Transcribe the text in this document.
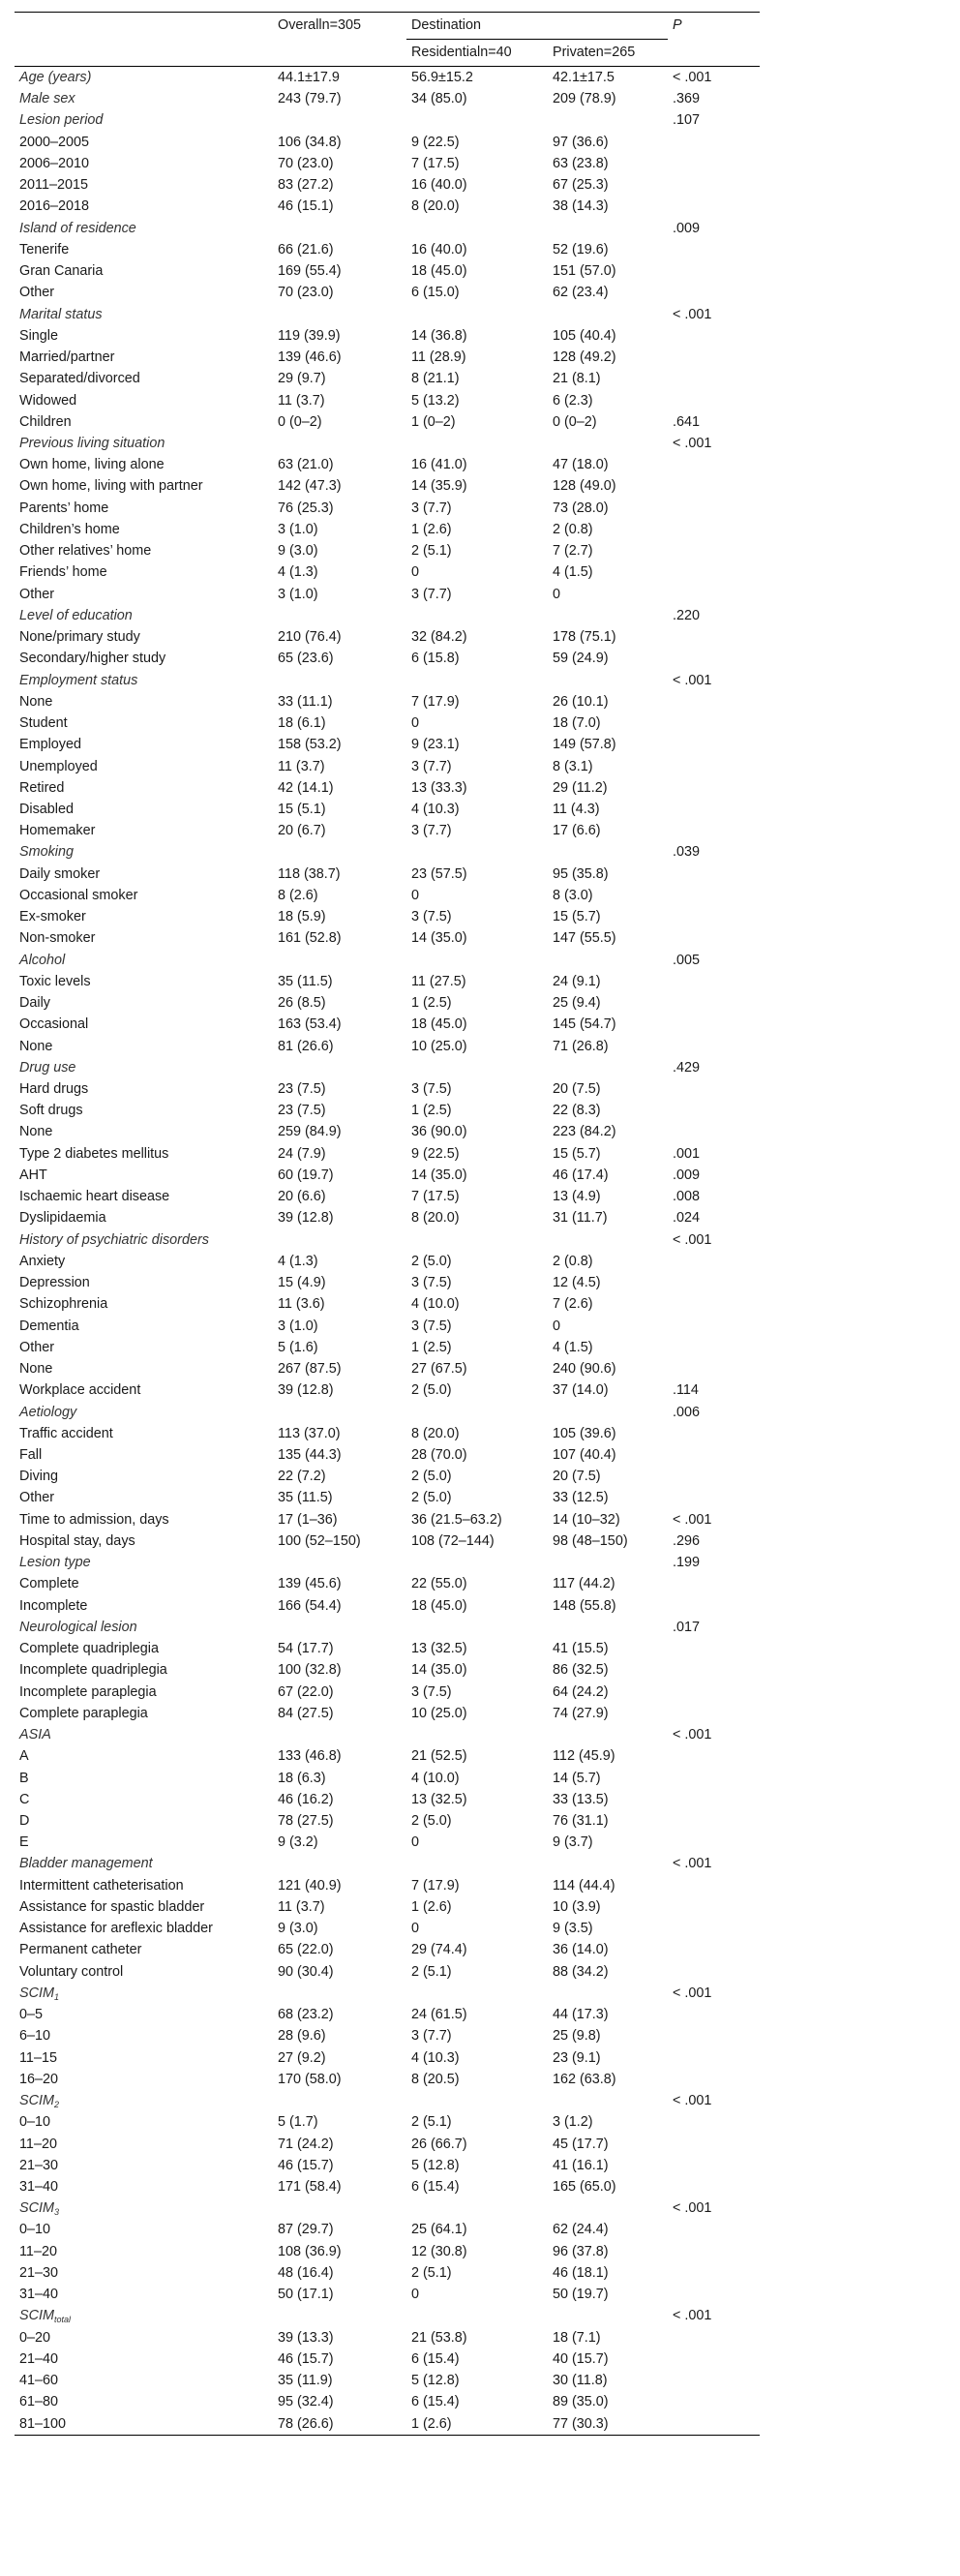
	Overalln=305	Destination		P
		Residentialn=40	Privaten=265	
Age (years)	44.1±17.9	56.9±15.2	42.1±17.5	< .001
Male sex	243 (79.7)	34 (85.0)	209 (78.9)	.369
Lesion period				.107
2000–2005	106 (34.8)	9 (22.5)	97 (36.6)	
2006–2010	70 (23.0)	7 (17.5)	63 (23.8)	
2011–2015	83 (27.2)	16 (40.0)	67 (25.3)	
2016–2018	46 (15.1)	8 (20.0)	38 (14.3)	
Island of residence				.009
Tenerife	66 (21.6)	16 (40.0)	52 (19.6)	
Gran Canaria	169 (55.4)	18 (45.0)	151 (57.0)	
Other	70 (23.0)	6 (15.0)	62 (23.4)	
Marital status				< .001
Single	119 (39.9)	14 (36.8)	105 (40.4)	
Married/partner	139 (46.6)	11 (28.9)	128 (49.2)	
Separated/divorced	29 (9.7)	8 (21.1)	21 (8.1)	
Widowed	11 (3.7)	5 (13.2)	6 (2.3)	
Children	0 (0–2)	1 (0–2)	0 (0–2)	.641
Previous living situation				< .001
Own home, living alone	63 (21.0)	16 (41.0)	47 (18.0)	
Own home, living with partner	142 (47.3)	14 (35.9)	128 (49.0)	
Parents’ home	76 (25.3)	3 (7.7)	73 (28.0)	
Children’s home	3 (1.0)	1 (2.6)	2 (0.8)	
Other relatives’ home	9 (3.0)	2 (5.1)	7 (2.7)	
Friends’ home	4 (1.3)	0	4 (1.5)	
Other	3 (1.0)	3 (7.7)	0	
Level of education				.220
None/primary study	210 (76.4)	32 (84.2)	178 (75.1)	
Secondary/higher study	65 (23.6)	6 (15.8)	59 (24.9)	
Employment status				< .001
None	33 (11.1)	7 (17.9)	26 (10.1)	
Student	18 (6.1)	0	18 (7.0)	
Employed	158 (53.2)	9 (23.1)	149 (57.8)	
Unemployed	11 (3.7)	3 (7.7)	8 (3.1)	
Retired	42 (14.1)	13 (33.3)	29 (11.2)	
Disabled	15 (5.1)	4 (10.3)	11 (4.3)	
Homemaker	20 (6.7)	3 (7.7)	17 (6.6)	
Smoking				.039
Daily smoker	118 (38.7)	23 (57.5)	95 (35.8)	
Occasional smoker	8 (2.6)	0	8 (3.0)	
Ex-smoker	18 (5.9)	3 (7.5)	15 (5.7)	
Non-smoker	161 (52.8)	14 (35.0)	147 (55.5)	
Alcohol				.005
Toxic levels	35 (11.5)	11 (27.5)	24 (9.1)	
Daily	26 (8.5)	1 (2.5)	25 (9.4)	
Occasional	163 (53.4)	18 (45.0)	145 (54.7)	
None	81 (26.6)	10 (25.0)	71 (26.8)	
Drug use				.429
Hard drugs	23 (7.5)	3 (7.5)	20 (7.5)	
Soft drugs	23 (7.5)	1 (2.5)	22 (8.3)	
None	259 (84.9)	36 (90.0)	223 (84.2)	
Type 2 diabetes mellitus	24 (7.9)	9 (22.5)	15 (5.7)	.001
AHT	60 (19.7)	14 (35.0)	46 (17.4)	.009
Ischaemic heart disease	20 (6.6)	7 (17.5)	13 (4.9)	.008
Dyslipidaemia	39 (12.8)	8 (20.0)	31 (11.7)	.024
History of psychiatric disorders				< .001
Anxiety	4 (1.3)	2 (5.0)	2 (0.8)	
Depression	15 (4.9)	3 (7.5)	12 (4.5)	
Schizophrenia	11 (3.6)	4 (10.0)	7 (2.6)	
Dementia	3 (1.0)	3 (7.5)	0	
Other	5 (1.6)	1 (2.5)	4 (1.5)	
None	267 (87.5)	27 (67.5)	240 (90.6)	
Workplace accident	39 (12.8)	2 (5.0)	37 (14.0)	.114
Aetiology				.006
Traffic accident	113 (37.0)	8 (20.0)	105 (39.6)	
Fall	135 (44.3)	28 (70.0)	107 (40.4)	
Diving	22 (7.2)	2 (5.0)	20 (7.5)	
Other	35 (11.5)	2 (5.0)	33 (12.5)	
Time to admission, days	17 (1–36)	36 (21.5–63.2)	14 (10–32)	< .001
Hospital stay, days	100 (52–150)	108 (72–144)	98 (48–150)	.296
Lesion type				.199
Complete	139 (45.6)	22 (55.0)	117 (44.2)	
Incomplete	166 (54.4)	18 (45.0)	148 (55.8)	
Neurological lesion				.017
Complete quadriplegia	54 (17.7)	13 (32.5)	41 (15.5)	
Incomplete quadriplegia	100 (32.8)	14 (35.0)	86 (32.5)	
Incomplete paraplegia	67 (22.0)	3 (7.5)	64 (24.2)	
Complete paraplegia	84 (27.5)	10 (25.0)	74 (27.9)	
ASIA				< .001
A	133 (46.8)	21 (52.5)	112 (45.9)	
B	18 (6.3)	4 (10.0)	14 (5.7)	
C	46 (16.2)	13 (32.5)	33 (13.5)	
D	78 (27.5)	2 (5.0)	76 (31.1)	
E	9 (3.2)	0	9 (3.7)	
Bladder management				< .001
Intermittent catheterisation	121 (40.9)	7 (17.9)	114 (44.4)	
Assistance for spastic bladder	11 (3.7)	1 (2.6)	10 (3.9)	
Assistance for areflexic bladder	9 (3.0)	0	9 (3.5)	
Permanent catheter	65 (22.0)	29 (74.4)	36 (14.0)	
Voluntary control	90 (30.4)	2 (5.1)	88 (34.2)	
$SCIM_1$				< .001
0–5	68 (23.2)	24 (61.5)	44 (17.3)	
6–10	28 (9.6)	3 (7.7)	25 (9.8)	
11–15	27 (9.2)	4 (10.3)	23 (9.1)	
16–20	170 (58.0)	8 (20.5)	162 (63.8)	
$SCIM_2$				< .001
0–10	5 (1.7)	2 (5.1)	3 (1.2)	
11–20	71 (24.2)	26 (66.7)	45 (17.7)	
21–30	46 (15.7)	5 (12.8)	41 (16.1)	
31–40	171 (58.4)	6 (15.4)	165 (65.0)	
$SCIM_3$				< .001
0–10	87 (29.7)	25 (64.1)	62 (24.4)	
11–20	108 (36.9)	12 (30.8)	96 (37.8)	
21–30	48 (16.4)	2 (5.1)	46 (18.1)	
31–40	50 (17.1)	0	50 (19.7)	
$SCIM_{total}$				< .001
0–20	39 (13.3)	21 (53.8)	18 (7.1)	
21–40	46 (15.7)	6 (15.4)	40 (15.7)	
41–60	35 (11.9)	5 (12.8)	30 (11.8)	
61–80	95 (32.4)	6 (15.4)	89 (35.0)	
81–100	78 (26.6)	1 (2.6)	77 (30.3)	
